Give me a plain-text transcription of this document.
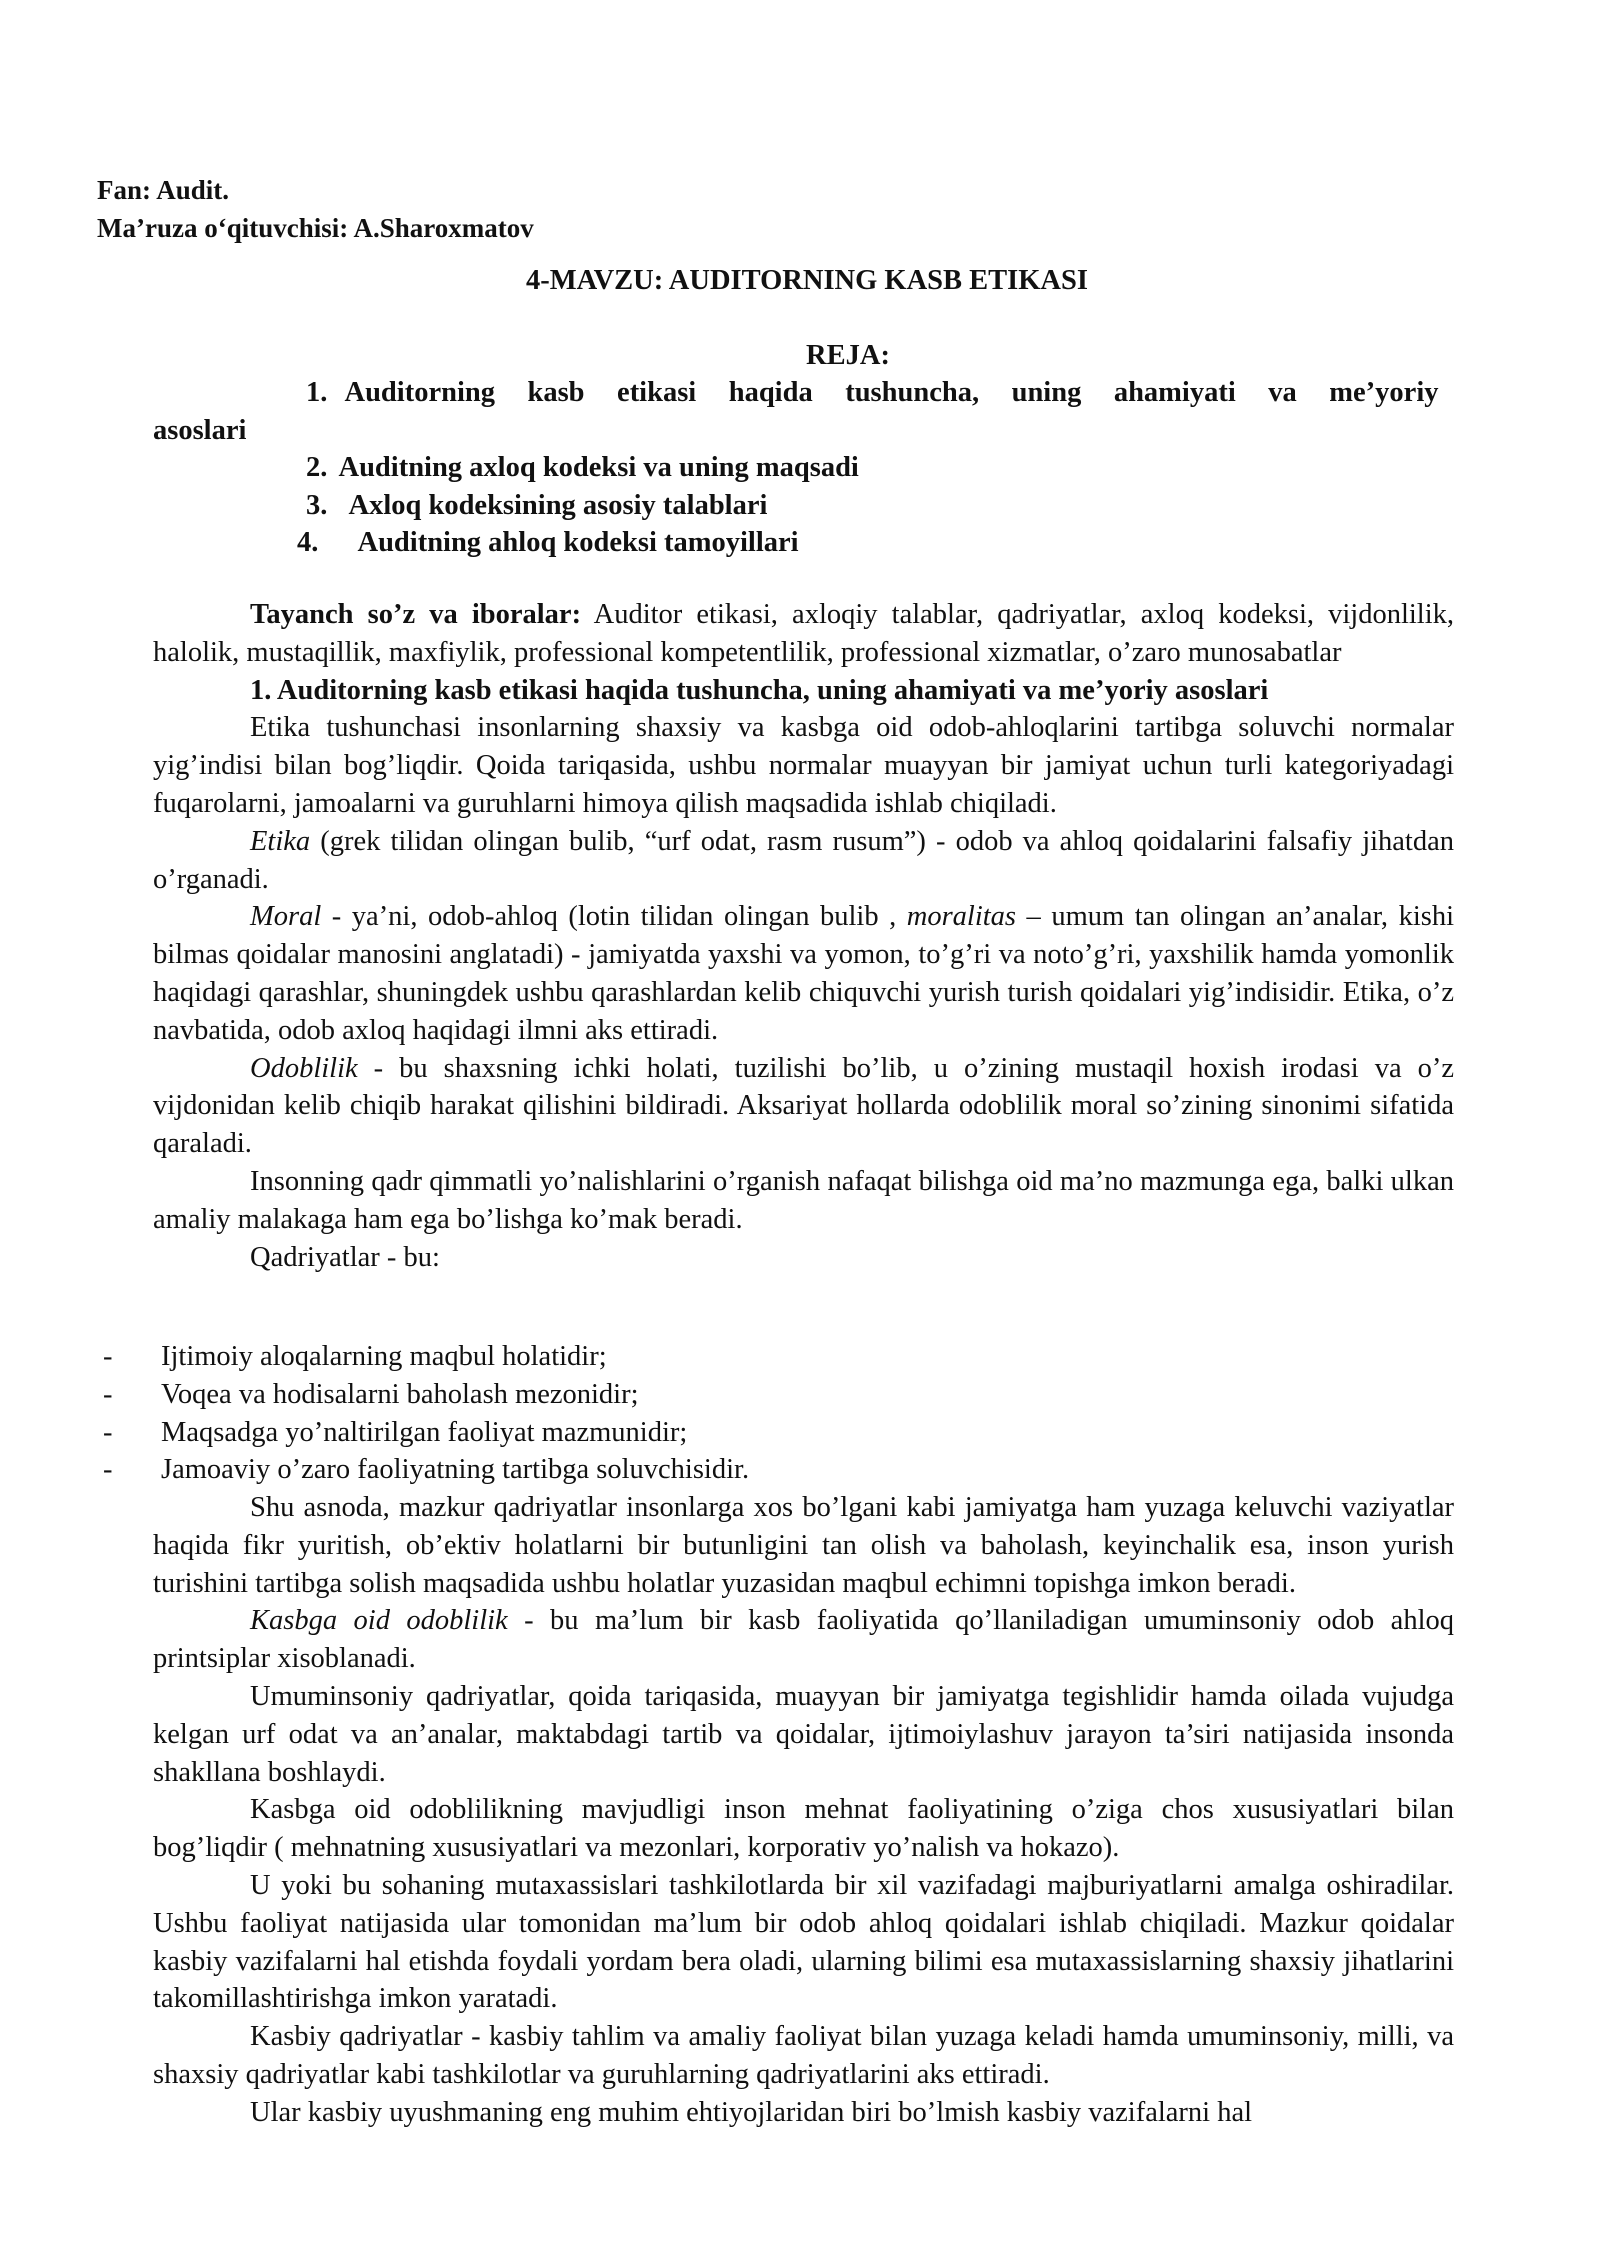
Fan: Audit.
Ma’ruza o‘qituvchisi: A.Sharoxmatov
4-MAVZU: AUDITORNING KASB ETIKASI
REJA:
1. Auditorning kasb etikasi haqida tushuncha, uning ahamiyati va me’yoriy
asoslari
2. Auditning axloq kodeksi va uning maqsadi
3. Axloq kodeksining asosiy talablari
4. Auditning ahloq kodeksi tamoyillari

Tayanch so’z va iboralar: Auditor etikasi, axloqiy talablar, qadriyatlar, axloq kodeksi, vijdonlilik, halolik, mustaqillik, maxfiylik, professional kompetentlilik, professional xizmatlar, o’zaro munosabatlar

1. Auditorning kasb etikasi haqida tushuncha, uning ahamiyati va me’yoriy asoslari

Etika tushunchasi insonlarning shaxsiy va kasbga oid odob-ahloqlarini tartibga soluvchi normalar yig’indisi bilan bog’liqdir. Qoida tariqasida, ushbu normalar muayyan bir jamiyat uchun turli kategoriyadagi fuqarolarni, jamoalarni va guruhlarni himoya qilish maqsadida ishlab chiqiladi.

Etika (grek tilidan olingan bulib, “urf odat, rasm rusum”) - odob va ahloq qoidalarini falsafiy jihatdan o’rganadi.

Moral - ya’ni, odob-ahloq (lotin tilidan olingan bulib , moralitas – umum tan olingan an’analar, kishi bilmas qoidalar manosini anglatadi) - jamiyatda yaxshi va yomon, to’g’ri va noto’g’ri, yaxshilik hamda yomonlik haqidagi qarashlar, shuningdek ushbu qarashlardan kelib chiquvchi yurish turish qoidalari yig’indisidir. Etika, o’z navbatida, odob axloq haqidagi ilmni aks ettiradi.

Odoblilik - bu shaxsning ichki holati, tuzilishi bo’lib, u o’zining mustaqil hoxish irodasi va o’z vijdonidan kelib chiqib harakat qilishini bildiradi. Aksariyat hollarda odoblilik moral so’zining sinonimi sifatida qaraladi.

Insonning qadr qimmatli yo’nalishlarini o’rganish nafaqat bilishga oid ma’no mazmunga ega, balki ulkan amaliy malakaga ham ega bo’lishga ko’mak beradi.

Qadriyatlar - bu:

- Ijtimoiy aloqalarning maqbul holatidir;
- Voqea va hodisalarni baholash mezonidir;
- Maqsadga yo’naltirilgan faoliyat mazmunidir;
- Jamoaviy o’zaro faoliyatning tartibga soluvchisidir.

Shu asnoda, mazkur qadriyatlar insonlarga xos bo’lgani kabi jamiyatga ham yuzaga keluvchi vaziyatlar haqida fikr yuritish, ob’ektiv holatlarni bir butunligini tan olish va baholash, keyinchalik esa, inson yurish turishini tartibga solish maqsadida ushbu holatlar yuzasidan maqbul echimni topishga imkon beradi.

Kasbga oid odoblilik - bu ma’lum bir kasb faoliyatida qo’llaniladigan umuminsoniy odob ahloq printsiplar xisoblanadi.

Umuminsoniy qadriyatlar, qoida tariqasida, muayyan bir jamiyatga tegishlidir hamda oilada vujudga kelgan urf odat va an’analar, maktabdagi tartib va qoidalar, ijtimoiylashuv jarayon ta’siri natijasida insonda shakllana boshlaydi.

Kasbga oid odoblilikning mavjudligi inson mehnat faoliyatining o’ziga chos xususiyatlari bilan bog’liqdir ( mehnatning xususiyatlari va mezonlari, korporativ yo’nalish va hokazo).

U yoki bu sohaning mutaxassislari tashkilotlarda bir xil vazifadagi majburiyatlarni amalga oshiradilar. Ushbu faoliyat natijasida ular tomonidan ma’lum bir odob ahloq qoidalari ishlab chiqiladi. Mazkur qoidalar kasbiy vazifalarni hal etishda foydali yordam bera oladi, ularning bilimi esa mutaxassislarning shaxsiy jihatlarini takomillashtirishga imkon yaratadi.

Kasbiy qadriyatlar - kasbiy tahlim va amaliy faoliyat bilan yuzaga keladi hamda umuminsoniy, milli, va shaxsiy qadriyatlar kabi tashkilotlar va guruhlarning qadriyatlarini aks ettiradi.

Ular kasbiy uyushmaning eng muhim ehtiyojlaridan biri bo’lmish kasbiy vazifalarni hal
